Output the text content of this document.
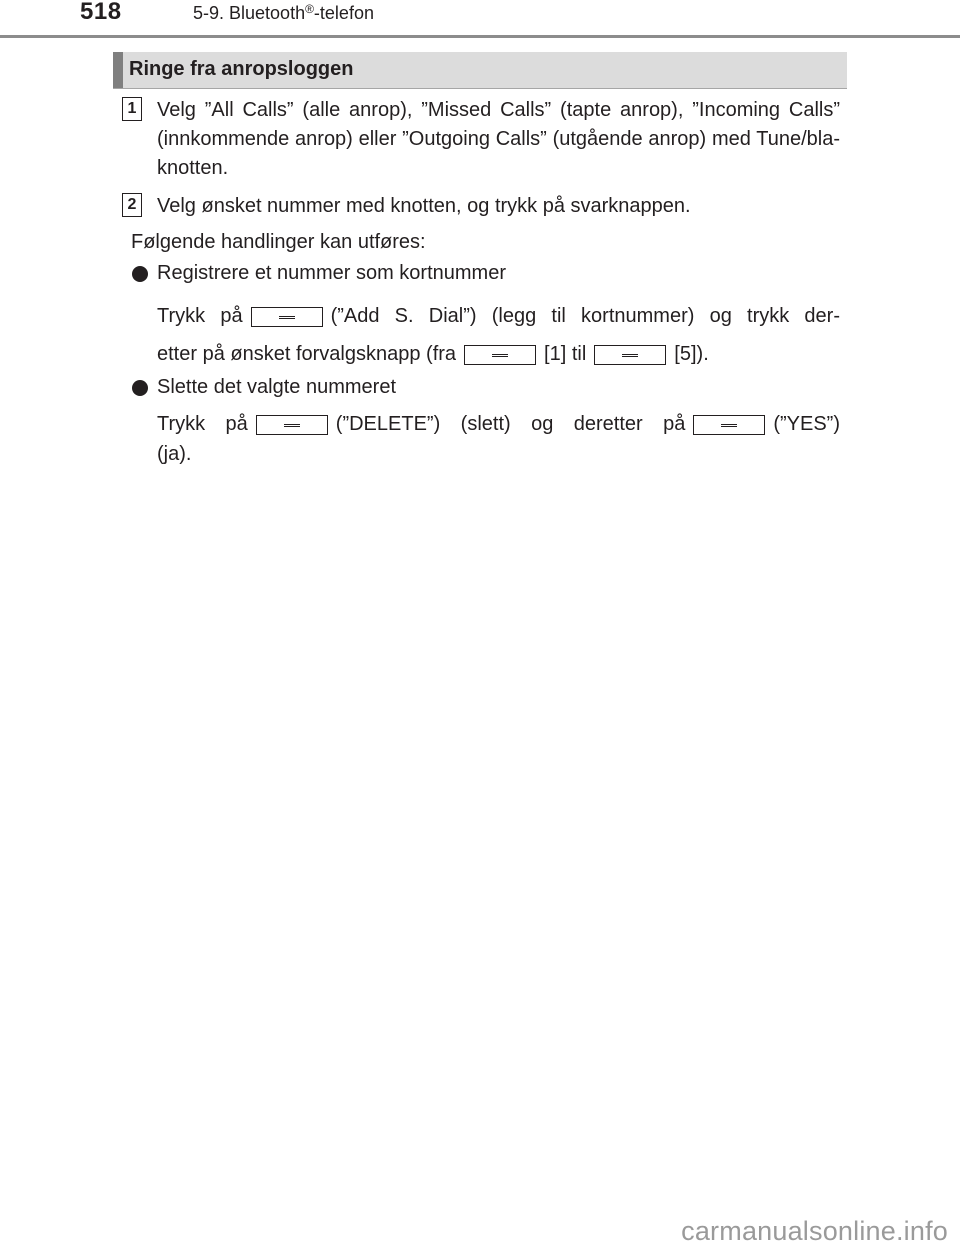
518	5-9. Bluetooth®-telefon
Ringe fra anropsloggen
1 Velg ”All Calls” (alle anrop), ”Missed Calls” (tapte anrop), ”Incoming Calls” (innkommende anrop) eller ”Outgoing Calls” (utgående anrop) med Tune/bla-knotten.
2 Velg ønsket nummer med knotten, og trykk på svarknappen.
Følgende handlinger kan utføres:
Registrere et nummer som kortnummer
Trykk på	(”Add S. Dial”) (legg til kortnummer) og trykk der-
etter på ønsket forvalgsknapp (fra	[1] til	[5]).
Slette det valgte nummeret
Trykk på	(”DELETE”) (slett) og deretter på	(”YES”)
(ja).
carmanualsonline.info
